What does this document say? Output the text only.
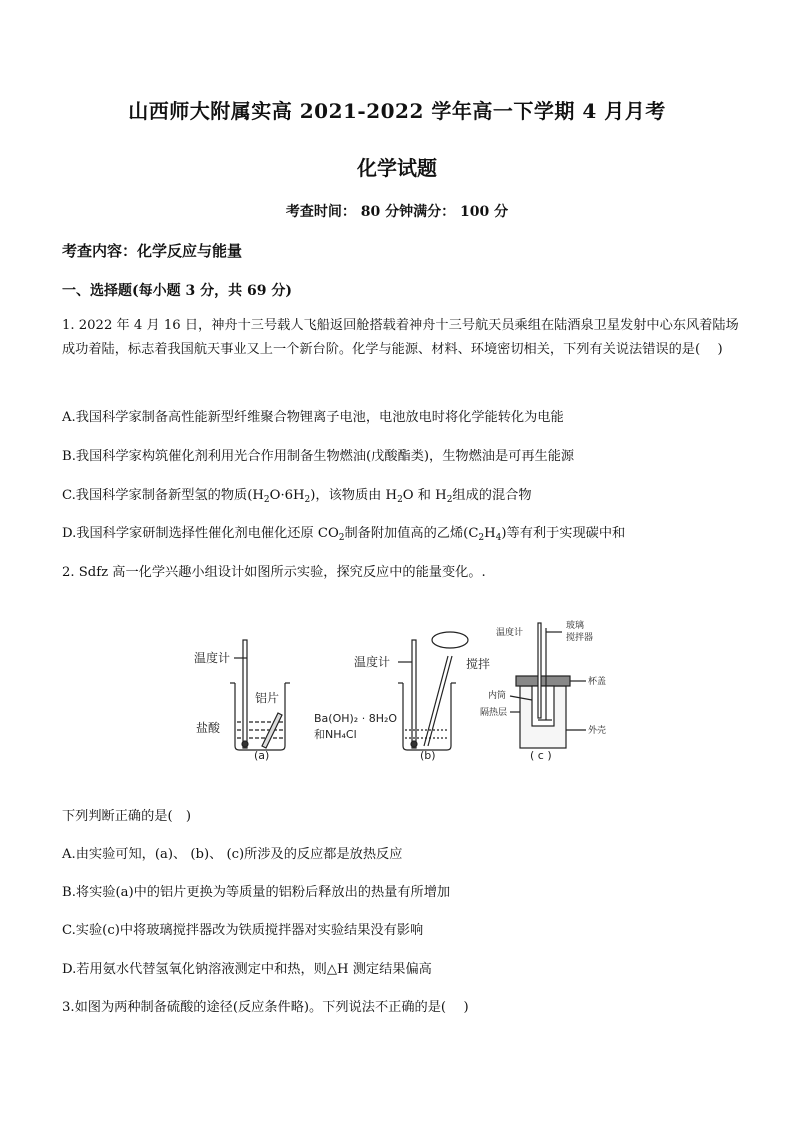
山西师大附属实高 2021-2022 学年高一下学期 4 月月考
化学试题
考查时间： 80 分钟满分： 100 分
考查内容：化学反应与能量
一、选择题(每小题 3 分，共 69 分)
1. 2022 年 4 月 16 日，神舟十三号载人飞船返回舱搭载着神舟十三号航天员乘组在陆酒泉卫星发射中心东风着陆场成功着陆，标志着我国航天事业又上一个新台阶。化学与能源、材料、环境密切相关，下列有关说法错误的是(　 )
A.我国科学家制备高性能新型纤维聚合物锂离子电池，电池放电时将化学能转化为电能
B.我国科学家构筑催化剂利用光合作用制备生物燃油(戊酸酯类)，生物燃油是可再生能源
C.我国科学家制备新型氢的物质$(H_2O\cdot 6H_2)$，该物质由 $H_2O$ 和 $H_2$组成的混合物
D.我国科学家研制选择性催化剂电催化还原 $CO_2$制备附加值高的乙烯$(C_2H_4)$等有利于实现碳中和
2. Sdfz 高一化学兴趣小组设计如图所示实验，探究反应中的能量变化。.
温度计
铝片
盐酸
(a)
温度计	搅拌
Ba(OH)₂ · 8H₂O
和NH₄Cl
(b)
温度计
玻璃
搅拌器
杯盖
内筒
隔热层
外壳
( c )
下列判断正确的是(　)
A.由实验可知，(a)、 (b)、 (c)所涉及的反应都是放热反应
B.将实验(a)中的铝片更换为等质量的铝粉后释放出的热量有所增加
C.实验(c)中将玻璃搅拌器改为铁质搅拌器对实验结果没有影响
D.若用氨水代替氢氧化钠溶液测定中和热，则△H 测定结果偏高
3.如图为两种制备硫酸的途径(反应条件略)。下列说法不正确的是(　 )
